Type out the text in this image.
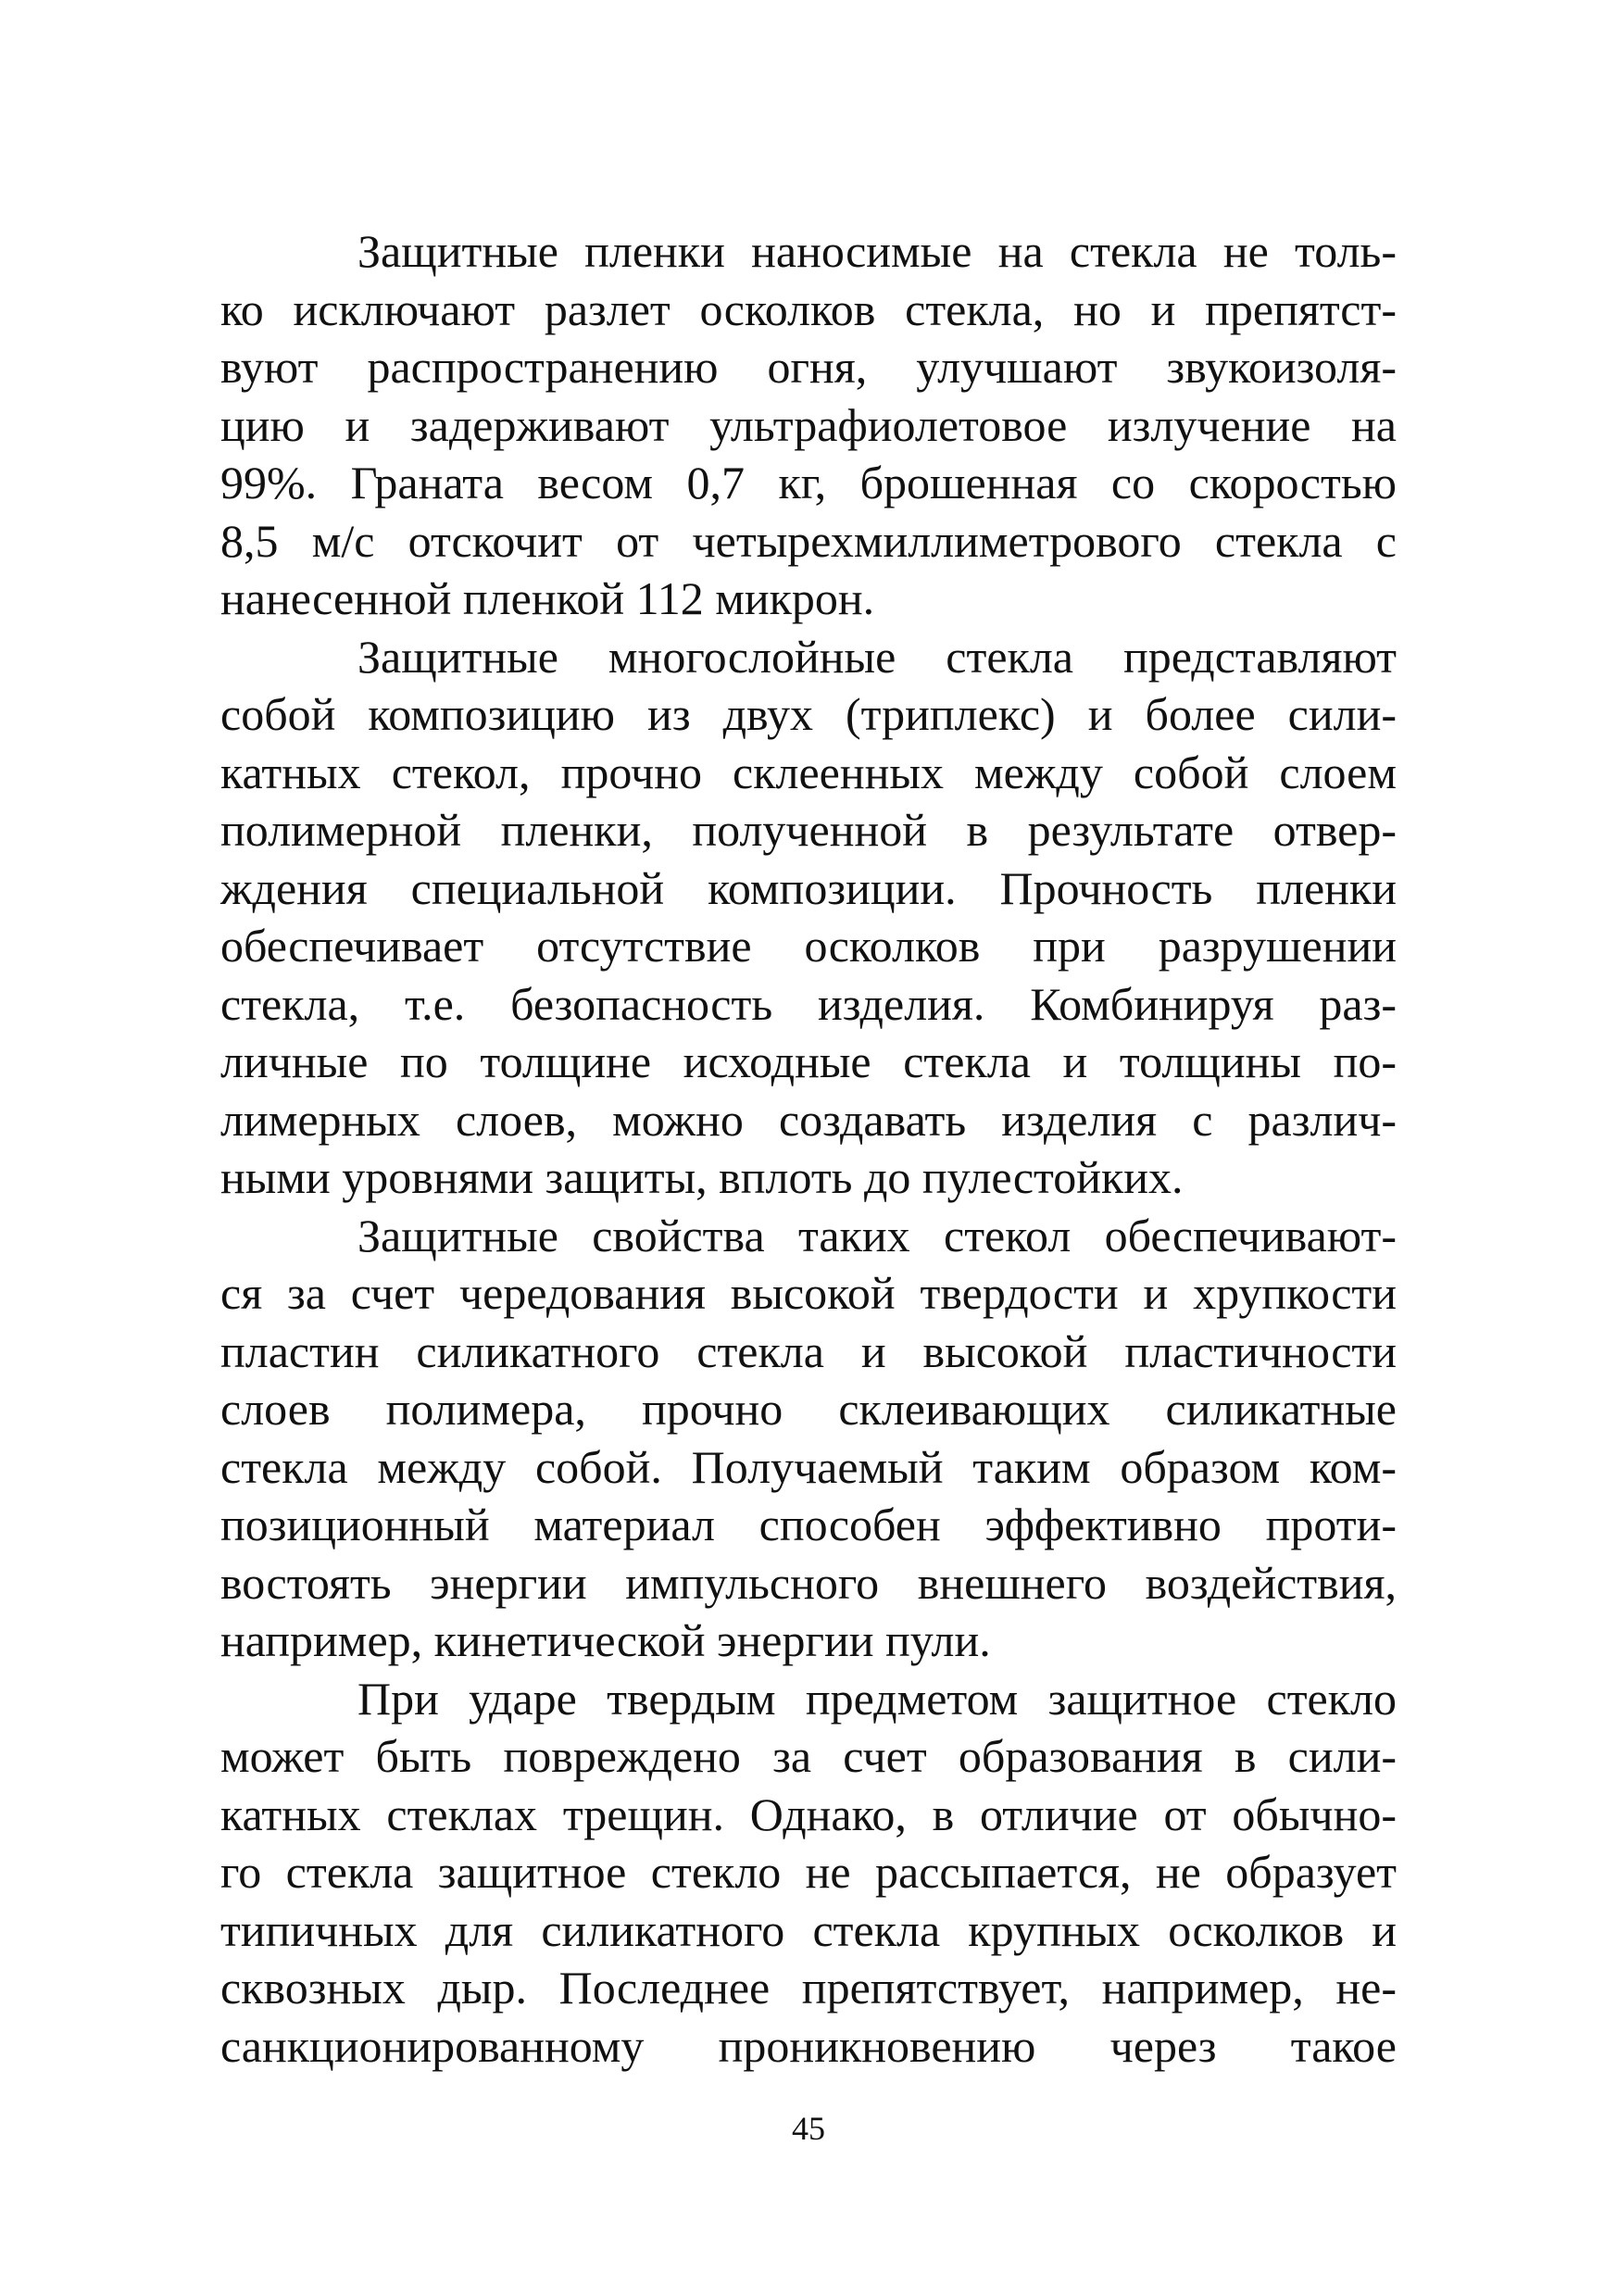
Защитные пленки наносимые на стекла не толь-
ко исключают разлет осколков стекла, но и препятст-
вуют распространению огня, улучшают звукоизоля-
цию и задерживают ультрафиолетовое излучение на
99%. Граната весом 0,7 кг, брошенная со скоростью
8,5 м/с отскочит от четырехмиллиметрового стекла с
нанесенной пленкой 112 микрон.
Защитные многослойные стекла представляют
собой композицию из двух (триплекс) и более сили-
катных стекол, прочно склеенных между собой слоем
полимерной пленки, полученной в результате отвер-
ждения специальной композиции. Прочность пленки
обеспечивает отсутствие осколков при разрушении
стекла, т.е. безопасность изделия. Комбинируя раз-
личные по толщине исходные стекла и толщины по-
лимерных слоев, можно создавать изделия с различ-
ными уровнями защиты, вплоть до пулестойких.
Защитные свойства таких стекол обеспечивают-
ся за счет чередования высокой твердости и хрупкости
пластин силикатного стекла и высокой пластичности
слоев полимера, прочно склеивающих силикатные
стекла между собой. Получаемый таким образом ком-
позиционный материал способен эффективно проти-
востоять энергии импульсного внешнего воздействия,
например, кинетической энергии пули.
При ударе твердым предметом защитное стекло
может быть повреждено за счет образования в сили-
катных стеклах трещин. Однако, в отличие от обычно-
го стекла защитное стекло не рассыпается, не образует
типичных для силикатного стекла крупных осколков и
сквозных дыр. Последнее препятствует, например, не-
санкционированному проникновению через такое
45
